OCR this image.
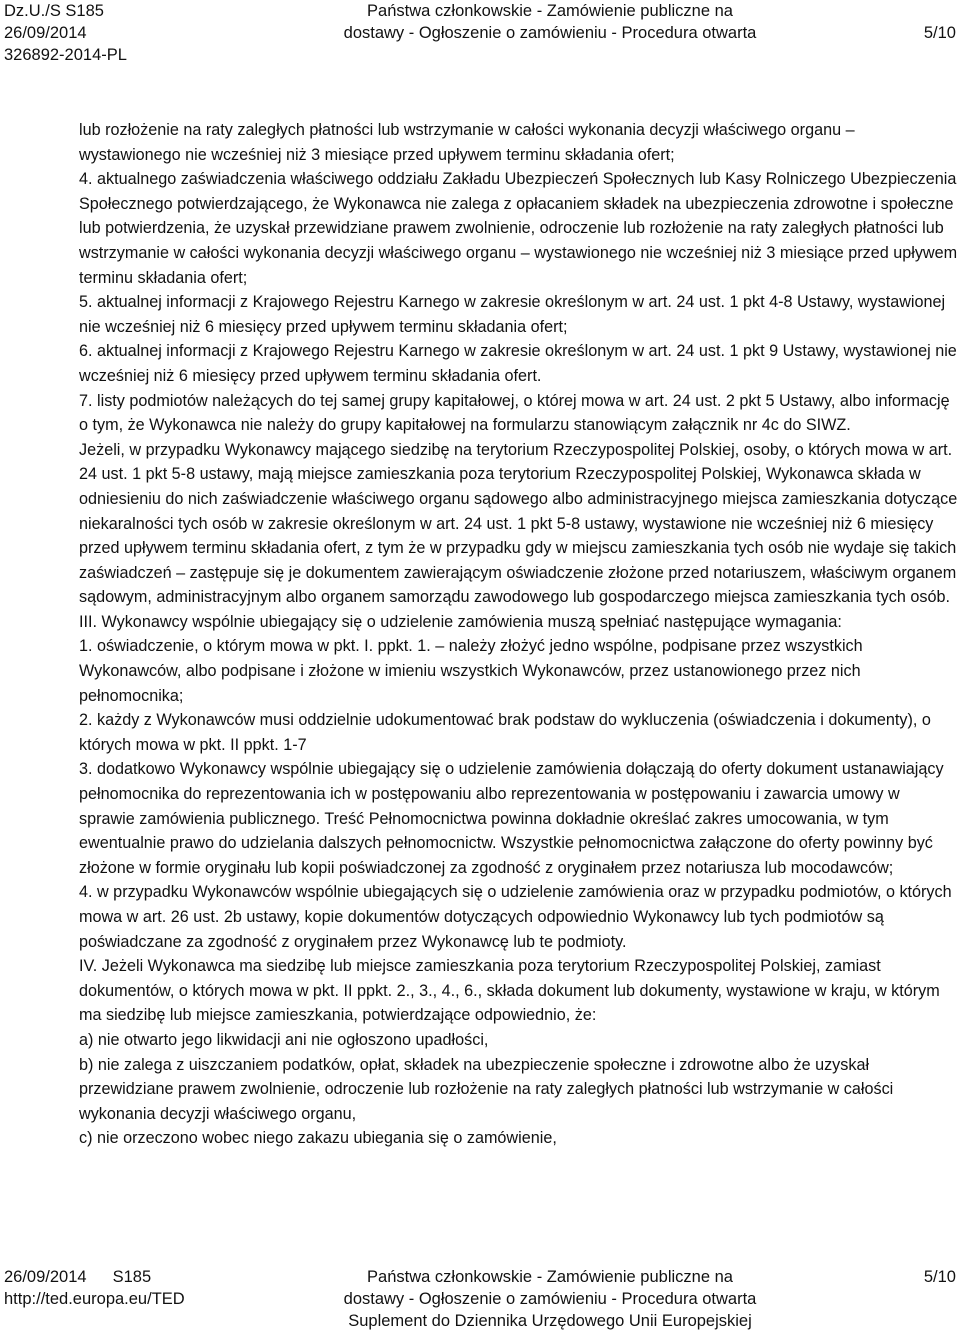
Dz.U./S S185
26/09/2014
326892-2014-PL
Państwa członkowskie - Zamówienie publiczne na
dostawy - Ogłoszenie o zamówieniu - Procedura otwarta	5/10

lub rozłożenie na raty zaległych płatności lub wstrzymanie w całości wykonania decyzji właściwego organu – wystawionego nie wcześniej niż 3 miesiące przed upływem terminu składania ofert;

4. aktualnego zaświadczenia właściwego oddziału Zakładu Ubezpieczeń Społecznych lub Kasy Rolniczego Ubezpieczenia Społecznego potwierdzającego, że Wykonawca nie zalega z opłacaniem składek na ubezpieczenia zdrowotne i społeczne lub potwierdzenia, że uzyskał przewidziane prawem zwolnienie, odroczenie lub rozłożenie na raty zaległych płatności lub wstrzymanie w całości wykonania decyzji właściwego organu – wystawionego nie wcześniej niż 3 miesiące przed upływem terminu składania ofert;

5. aktualnej informacji z Krajowego Rejestru Karnego w zakresie określonym w art. 24 ust. 1 pkt 4-8 Ustawy, wystawionej nie wcześniej niż 6 miesięcy przed upływem terminu składania ofert;

6. aktualnej informacji z Krajowego Rejestru Karnego w zakresie określonym w art. 24 ust. 1 pkt 9 Ustawy, wystawionej nie wcześniej niż 6 miesięcy przed upływem terminu składania ofert.

7. listy podmiotów należących do tej samej grupy kapitałowej, o której mowa w art. 24 ust. 2 pkt 5 Ustawy, albo informację o tym, że Wykonawca nie należy do grupy kapitałowej na formularzu stanowiącym załącznik nr 4c do SIWZ.

Jeżeli, w przypadku Wykonawcy mającego siedzibę na terytorium Rzeczypospolitej Polskiej, osoby, o których mowa w art. 24 ust. 1 pkt 5-8 ustawy, mają miejsce zamieszkania poza terytorium Rzeczypospolitej Polskiej, Wykonawca składa w odniesieniu do nich zaświadczenie właściwego organu sądowego albo administracyjnego miejsca zamieszkania dotyczące niekaralności tych osób w zakresie określonym w art. 24 ust. 1 pkt 5-8 ustawy, wystawione nie wcześniej niż 6 miesięcy przed upływem terminu składania ofert, z tym że w przypadku gdy w miejscu zamieszkania tych osób nie wydaje się takich zaświadczeń – zastępuje się je dokumentem zawierającym oświadczenie złożone przed notariuszem, właściwym organem sądowym, administracyjnym albo organem samorządu zawodowego lub gospodarczego miejsca zamieszkania tych osób.

III. Wykonawcy wspólnie ubiegający się o udzielenie zamówienia muszą spełniać następujące wymagania:

1. oświadczenie, o którym mowa w pkt. I. ppkt. 1. – należy złożyć jedno wspólne, podpisane przez wszystkich Wykonawców, albo podpisane i złożone w imieniu wszystkich Wykonawców, przez ustanowionego przez nich pełnomocnika;

2. każdy z Wykonawców musi oddzielnie udokumentować brak podstaw do wykluczenia (oświadczenia i dokumenty), o których mowa w pkt. II ppkt. 1-7

3. dodatkowo Wykonawcy wspólnie ubiegający się o udzielenie zamówienia dołączają do oferty dokument ustanawiający pełnomocnika do reprezentowania ich w postępowaniu albo reprezentowania w postępowaniu i zawarcia umowy w sprawie zamówienia publicznego. Treść Pełnomocnictwa powinna dokładnie określać zakres umocowania, w tym ewentualnie prawo do udzielania dalszych pełnomocnictw. Wszystkie pełnomocnictwa załączone do oferty powinny być złożone w formie oryginału lub kopii poświadczonej za zgodność z oryginałem przez notariusza lub mocodawców;

4. w przypadku Wykonawców wspólnie ubiegających się o udzielenie zamówienia oraz w przypadku podmiotów, o których mowa w art. 26 ust. 2b ustawy, kopie dokumentów dotyczących odpowiednio Wykonawcy lub tych podmiotów są poświadczane za zgodność z oryginałem przez Wykonawcę lub te podmioty.

IV. Jeżeli Wykonawca ma siedzibę lub miejsce zamieszkania poza terytorium Rzeczypospolitej Polskiej, zamiast dokumentów, o których mowa w pkt. II ppkt. 2., 3., 4., 6., składa dokument lub dokumenty, wystawione w kraju, w którym ma siedzibę lub miejsce zamieszkania, potwierdzające odpowiednio, że:

a) nie otwarto jego likwidacji ani nie ogłoszono upadłości,

b) nie zalega z uiszczaniem podatków, opłat, składek na ubezpieczenie społeczne i zdrowotne albo że uzyskał przewidziane prawem zwolnienie, odroczenie lub rozłożenie na raty zaległych płatności lub wstrzymanie w całości wykonania decyzji właściwego organu,

c) nie orzeczono wobec niego zakazu ubiegania się o zamówienie,

26/09/2014 S185
http://ted.europa.eu/TED
Państwa członkowskie - Zamówienie publiczne na
dostawy - Ogłoszenie o zamówieniu - Procedura otwarta
Suplement do Dziennika Urzędowego Unii Europejskiej
5/10
